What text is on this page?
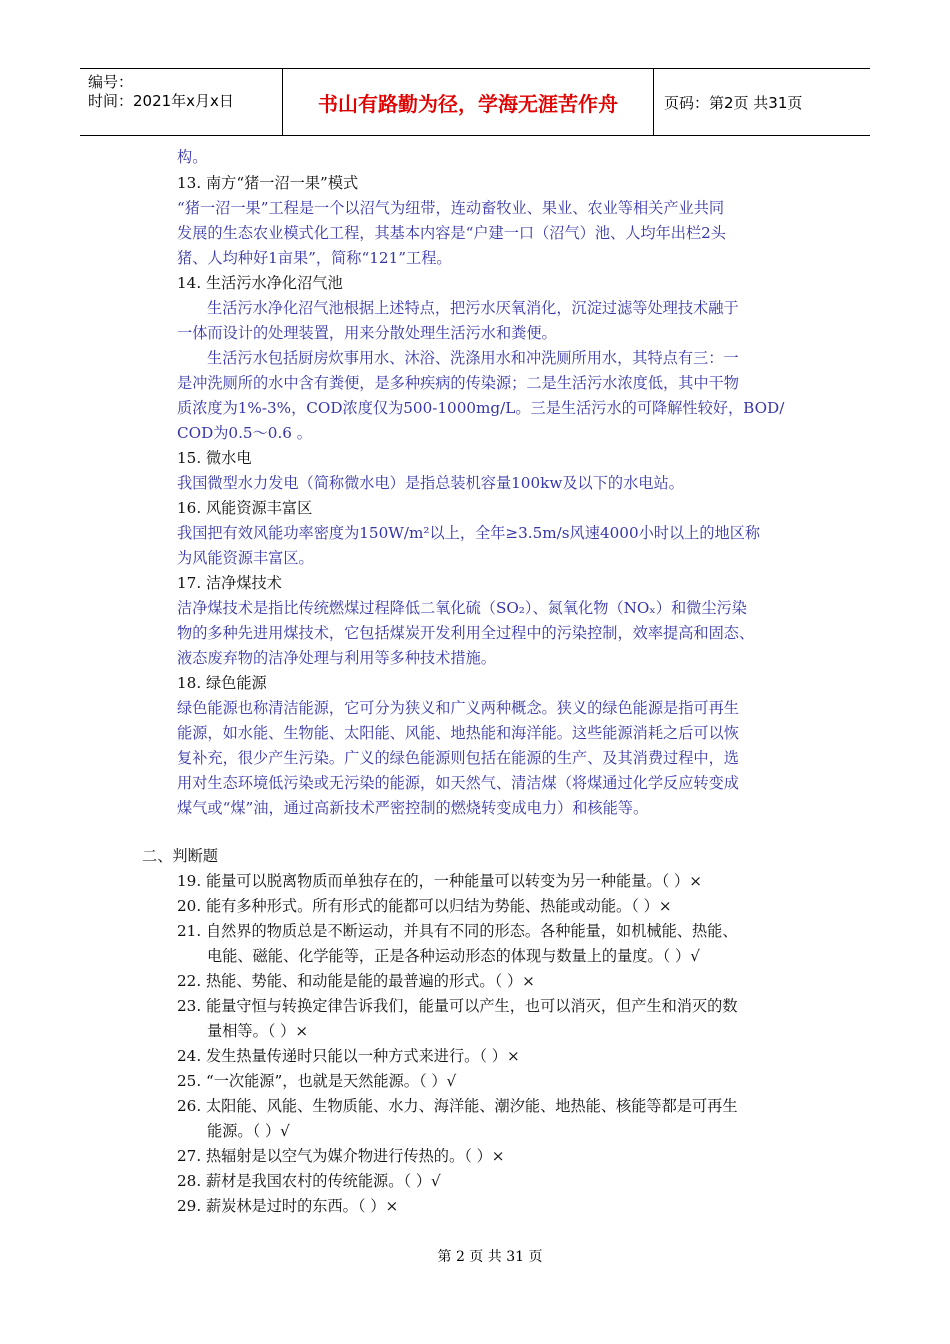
编号：
时间：2021年x月x日	书山有路勤为径，学海无涯苦作舟	页码：第2页 共31页
构。
13. 南方“猪一沼一果”模式
“猪一沼一果”工程是一个以沼气为纽带，连动畜牧业、果业、农业等相关产业共同
发展的生态农业模式化工程，其基本内容是“户建一口（沼气）池、人均年出栏2头
猪、人均种好1亩果”，简称“121”工程。
14. 生活污水净化沼气池
生活污水净化沼气池根据上述特点，把污水厌氧消化，沉淀过滤等处理技术融于
一体而设计的处理装置，用来分散处理生活污水和粪便。
生活污水包括厨房炊事用水、沐浴、洗涤用水和冲洗厕所用水，其特点有三：一
是冲洗厕所的水中含有粪便，是多种疾病的传染源；二是生活污水浓度低，其中干物
质浓度为1%-3%，COD浓度仅为500-1000mg/L。三是生活污水的可降解性较好，BOD/
COD为0.5～0.6 。
15. 微水电
我国微型水力发电（简称微水电）是指总装机容量100kw及以下的水电站。
16. 风能资源丰富区
我国把有效风能功率密度为150W/m²以上，全年≥3.5m/s风速4000小时以上的地区称
为风能资源丰富区。
17. 洁净煤技术
洁净煤技术是指比传统燃煤过程降低二氧化硫（SO₂）、氮氧化物（NOₓ）和微尘污染
物的多种先进用煤技术，它包括煤炭开发利用全过程中的污染控制，效率提高和固态、
液态废弃物的洁净处理与利用等多种技术措施。
18. 绿色能源
绿色能源也称清洁能源，它可分为狭义和广义两种概念。狭义的绿色能源是指可再生
能源，如水能、生物能、太阳能、风能、地热能和海洋能。这些能源消耗之后可以恢
复补充，很少产生污染。广义的绿色能源则包括在能源的生产、及其消费过程中，选
用对生态环境低污染或无污染的能源，如天然气、清洁煤（将煤通过化学反应转变成
煤气或“煤”油，通过高新技术严密控制的燃烧转变成电力）和核能等。
二、判断题
19. 能量可以脱离物质而单独存在的，一种能量可以转变为另一种能量。（ ）×
20. 能有多种形式。所有形式的能都可以归结为势能、热能或动能。（ ）×
21. 自然界的物质总是不断运动，并具有不同的形态。各种能量，如机械能、热能、
电能、磁能、化学能等，正是各种运动形态的体现与数量上的量度。（ ）√
22. 热能、势能、和动能是能的最普遍的形式。（ ）×
23. 能量守恒与转换定律告诉我们，能量可以产生，也可以消灭，但产生和消灭的数
量相等。（ ）×
24. 发生热量传递时只能以一种方式来进行。（ ）×
25. “一次能源”，也就是天然能源。（ ）√
26. 太阳能、风能、生物质能、水力、海洋能、潮汐能、地热能、核能等都是可再生
能源。（ ）√
27. 热辐射是以空气为媒介物进行传热的。（ ）×
28. 薪材是我国农村的传统能源。（ ）√
29. 薪炭林是过时的东西。（ ）×
第 2 页 共 31 页
